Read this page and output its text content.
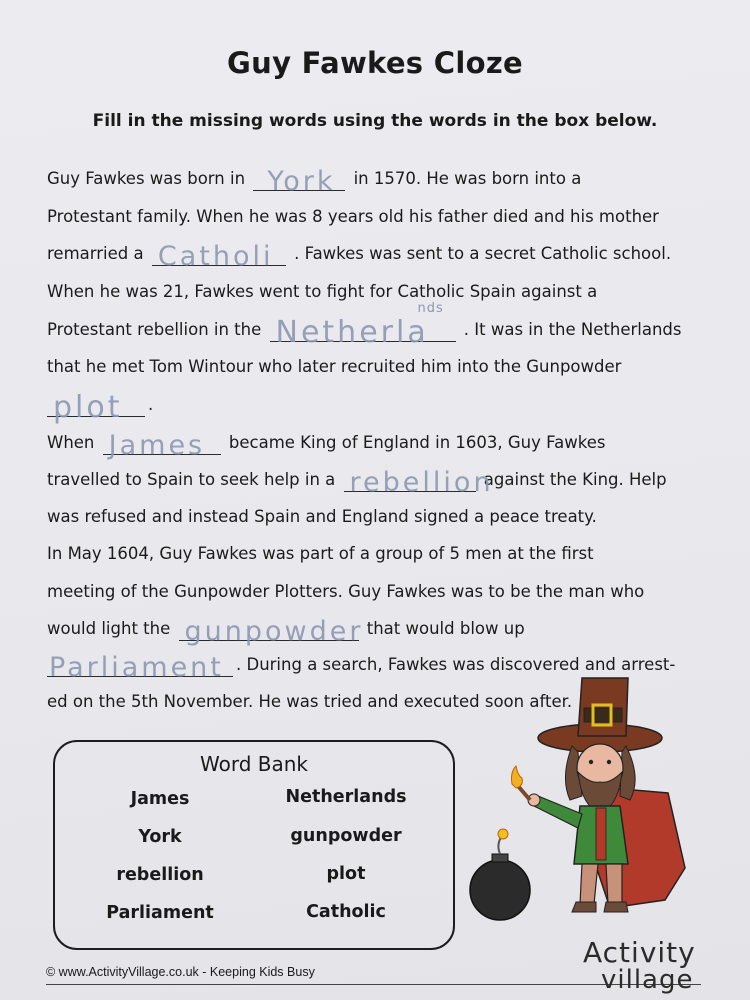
Guy Fawkes Cloze
Fill in the missing words using the words in the box below.
Guy Fawkes was born in York in 1570. He was born into a
Protestant family. When he was 8 years old his father died and his mother
remarried a Catholi . Fawkes was sent to a secret Catholic school.
When he was 21, Fawkes went to fight for Catholic Spain against a
Protestant rebellion in the Netherla
nds
. It was in the Netherlands
that he met Tom Wintour who later recruited him into the Gunpowder
plot .
When James became King of England in 1603, Guy Fawkes
travelled to Spain to seek help in a rebellion
against the King. Help
was refused and instead Spain and England signed a peace treaty.
In May 1604, Guy Fawkes was part of a group of 5 men at the first
meeting of the Gunpowder Plotters. Guy Fawkes was to be the man who
would light the gunpowder that would blow up
Parliament . During a search, Fawkes was discovered and arrest-
ed on the 5th November. He was tried and executed soon after.
Word Bank
James	Netherlands
York	gunpowder
rebellion	plot
Parliament	Catholic
© www.ActivityVillage.co.uk - Keeping Kids Busy
Activity
village
